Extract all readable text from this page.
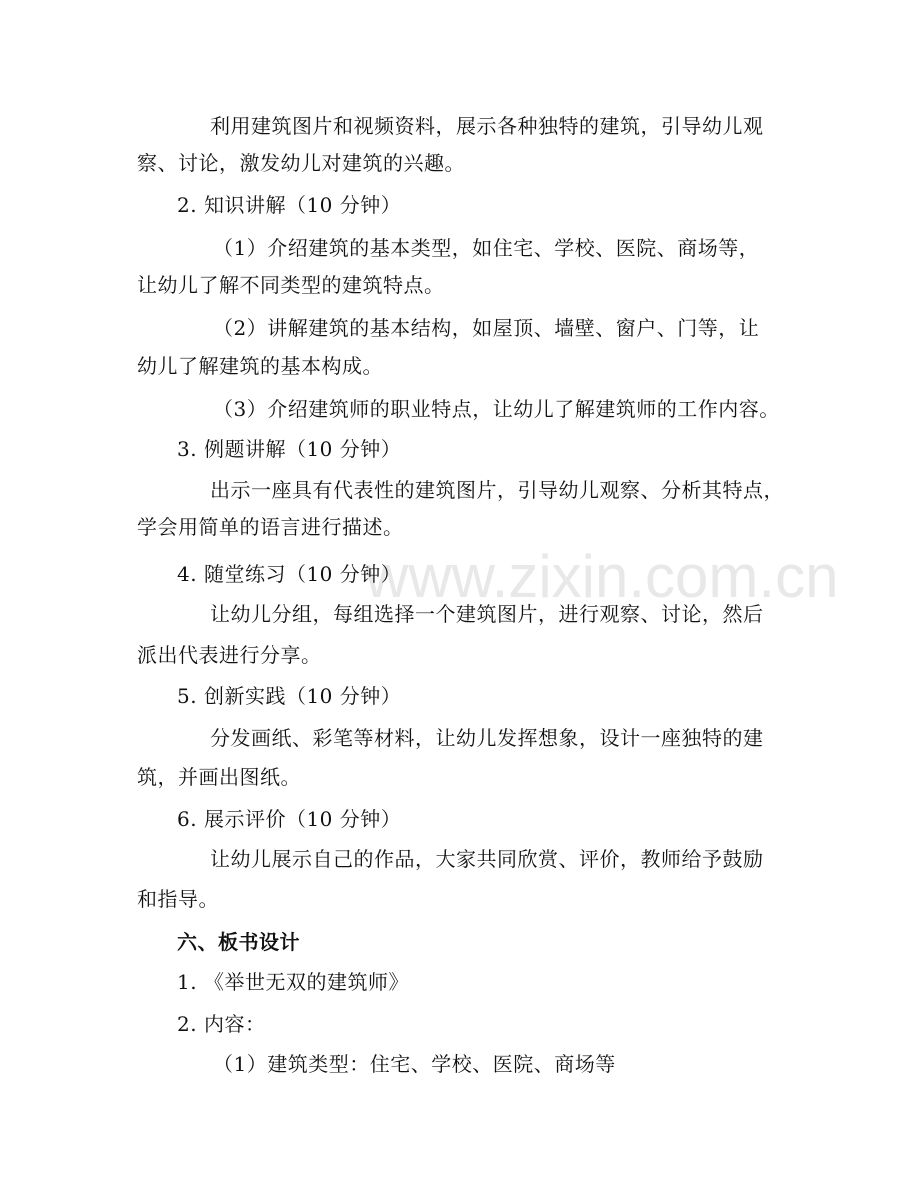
www.zixin.com.cn
利用建筑图片和视频资料，展示各种独特的建筑，引导幼儿观
察、讨论，激发幼儿对建筑的兴趣。
2. 知识讲解（10 分钟）
（1）介绍建筑的基本类型，如住宅、学校、医院、商场等，
让幼儿了解不同类型的建筑特点。
（2）讲解建筑的基本结构，如屋顶、墙壁、窗户、门等，让
幼儿了解建筑的基本构成。
（3）介绍建筑师的职业特点，让幼儿了解建筑师的工作内容。
3. 例题讲解（10 分钟）
出示一座具有代表性的建筑图片，引导幼儿观察、分析其特点，
学会用简单的语言进行描述。
4. 随堂练习（10 分钟）
让幼儿分组，每组选择一个建筑图片，进行观察、讨论，然后
派出代表进行分享。
5. 创新实践（10 分钟）
分发画纸、彩笔等材料，让幼儿发挥想象，设计一座独特的建
筑，并画出图纸。
6. 展示评价（10 分钟）
让幼儿展示自己的作品，大家共同欣赏、评价，教师给予鼓励
和指导。
六、板书设计
1. 《举世无双的建筑师》
2. 内容：
（1）建筑类型：住宅、学校、医院、商场等
